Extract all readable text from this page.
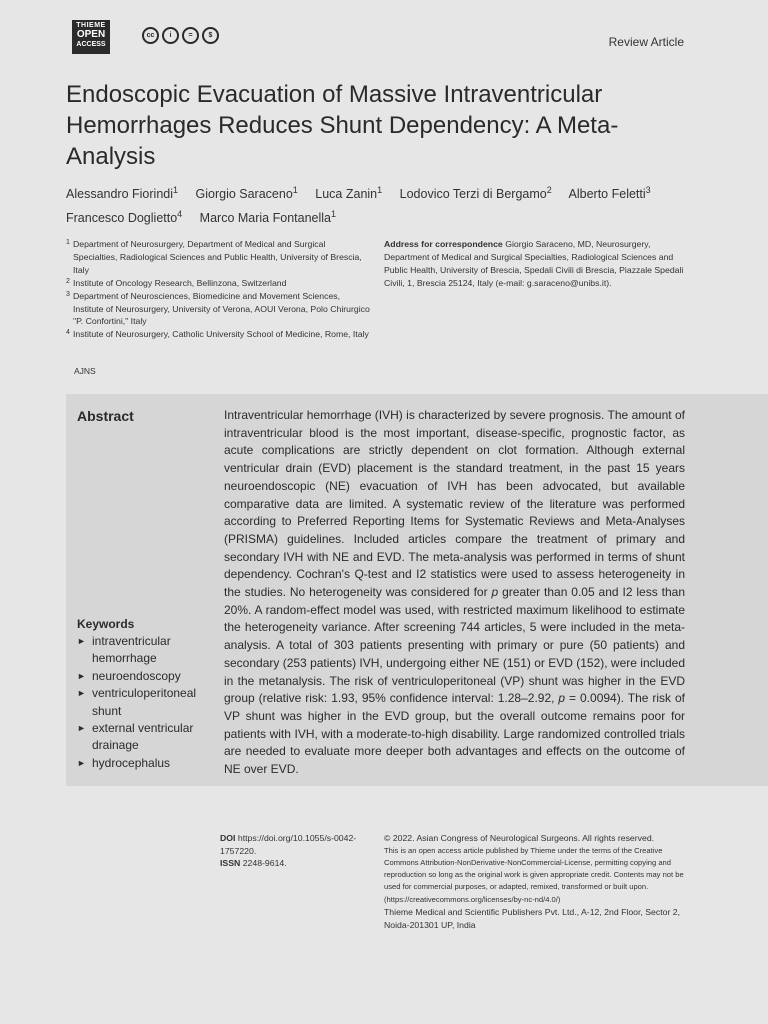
THIEME
OPEN
ACCESS
cc	i	=	$	Review Article
Endoscopic Evacuation of Massive Intraventricular Hemorrhages Reduces Shunt Dependency: A Meta-Analysis
Alessandro Fiorindi$^1$ Giorgio Saraceno$^1$ Luca Zanin$^1$ Lodovico Terzi di Bergamo$^2$ Alberto Feletti$^3$
Francesco Doglietto$^4$ Marco Maria Fontanella$^1$
1 Department of Neurosurgery, Department of Medical and Surgical Specialties, Radiological Sciences and Public Health, University of Brescia, Italy
2 Institute of Oncology Research, Bellinzona, Switzerland
3 Department of Neurosciences, Biomedicine and Movement Sciences, Institute of Neurosurgery, University of Verona, AOUI Verona, Polo Chirurgico "P. Confortini," Italy
4 Institute of Neurosurgery, Catholic University School of Medicine, Rome, Italy
Address for correspondence Giorgio Saraceno, MD, Neurosurgery, Department of Medical and Surgical Specialties, Radiological Sciences and Public Health, University of Brescia, Spedali Civili di Brescia, Piazzale Spedali Civili, 1, Brescia 25124, Italy (e-mail: g.saraceno@unibs.it).
AJNS
Abstract	Intraventricular hemorrhage (IVH) is characterized by severe prognosis. The amount of intraventricular blood is the most important, disease-specific, prognostic factor, as acute complications are strictly dependent on clot formation. Although external ventricular drain (EVD) placement is the standard treatment, in the past 15 years neuroendoscopic (NE) evacuation of IVH has been advocated, but available comparative data are limited. A systematic review of the literature was performed according to Preferred Reporting Items for Systematic Reviews and Meta-Analyses (PRISMA) guidelines. Included articles compare the treatment of primary and secondary IVH with NE and EVD. The meta-analysis was performed in terms of shunt dependency. Cochran's Q-test and I2 statistics were used to assess heterogeneity in the studies. No heterogeneity was considered for p greater than 0.05 and I2 less than 20%. A random-effect model was used, with restricted maximum likelihood to estimate the heterogeneity variance. After screening 744 articles, 5 were included in the meta-analysis. A total of 303 patients presenting with primary or pure (50 patients) and secondary (253 patients) IVH, undergoing either NE (151) or EVD (152), were included in the metanalysis. The risk of ventriculoperitoneal (VP) shunt was higher in the EVD group (relative risk: 1.93, 95% confidence interval: 1.28–2.92, p = 0.0094). The risk of VP shunt was higher in the EVD group, but the overall outcome remains poor for patients with IVH, with a moderate-to-high disability. Large randomized controlled trials are needed to evaluate more deeper both advantages and effects on the outcome of NE over EVD.
Keywords
► intraventricular hemorrhage
► neuroendoscopy
► ventriculoperitoneal shunt
► external ventricular drainage
► hydrocephalus
DOI https://doi.org/10.1055/s-0042-1757220.
ISSN 2248-9614.
© 2022. Asian Congress of Neurological Surgeons. All rights reserved.
This is an open access article published by Thieme under the terms of the Creative Commons Attribution-NonDerivative-NonCommercial-License, permitting copying and reproduction so long as the original work is given appropriate credit. Contents may not be used for commercial purposes, or adapted, remixed, transformed or built upon. (https://creativecommons.org/licenses/by-nc-nd/4.0/)
Thieme Medical and Scientific Publishers Pvt. Ltd., A-12, 2nd Floor, Sector 2, Noida-201301 UP, India
